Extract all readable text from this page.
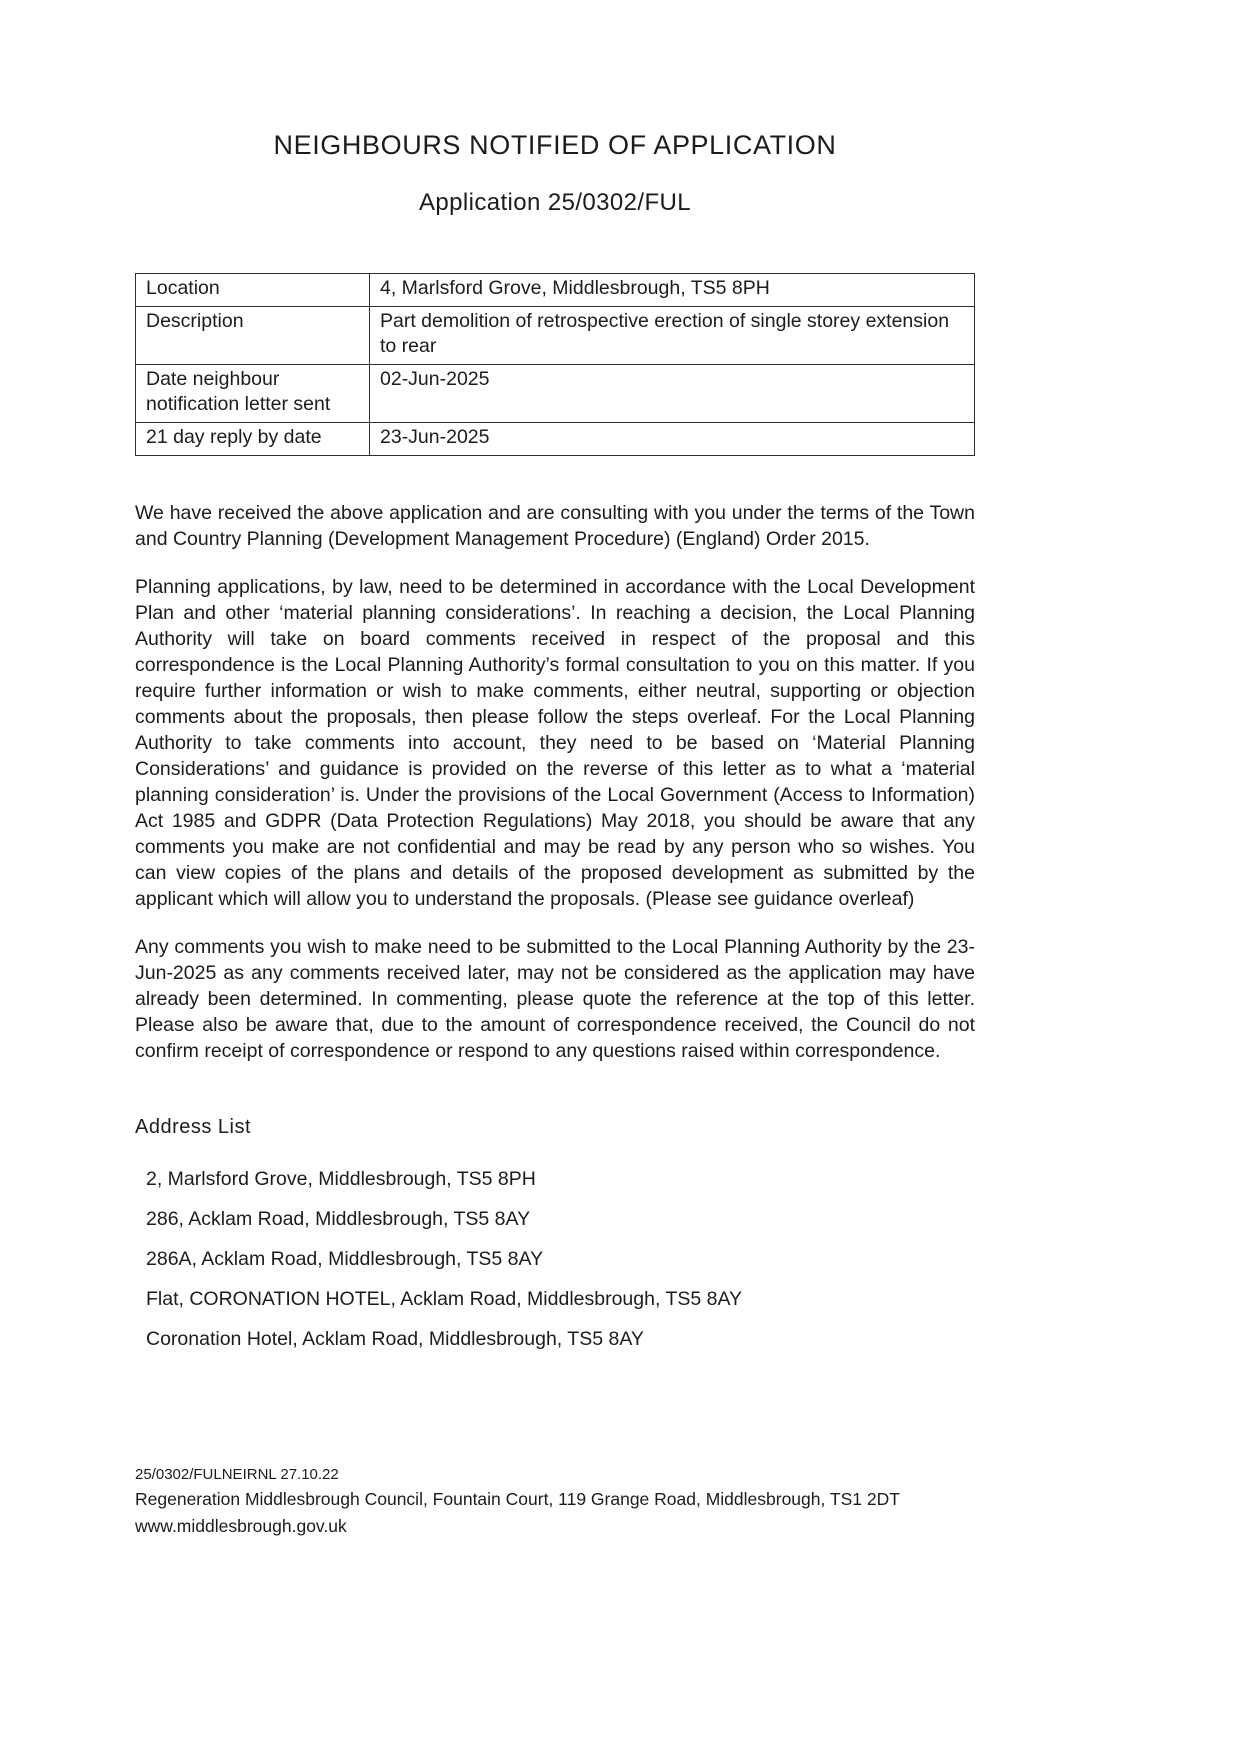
NEIGHBOURS NOTIFIED OF APPLICATION
Application 25/0302/FUL
Location	4, Marlsford Grove, Middlesbrough, TS5 8PH
Description	Part demolition of retrospective erection of single storey extension to rear
Date neighbour notification letter sent	02-Jun-2025
21 day reply by date	23-Jun-2025

We have received the above application and are consulting with you under the terms of the Town and Country Planning (Development Management Procedure) (England) Order 2015.

Planning applications, by law, need to be determined in accordance with the Local Development Plan and other ‘material planning considerations’. In reaching a decision, the Local Planning Authority will take on board comments received in respect of the proposal and this correspondence is the Local Planning Authority’s formal consultation to you on this matter. If you require further information or wish to make comments, either neutral, supporting or objection comments about the proposals, then please follow the steps overleaf. For the Local Planning Authority to take comments into account, they need to be based on ‘Material Planning Considerations’ and guidance is provided on the reverse of this letter as to what a ‘material planning consideration’ is. Under the provisions of the Local Government (Access to Information) Act 1985 and GDPR (Data Protection Regulations) May 2018, you should be aware that any comments you make are not confidential and may be read by any person who so wishes. You can view copies of the plans and details of the proposed development as submitted by the applicant which will allow you to understand the proposals. (Please see guidance overleaf)

Any comments you wish to make need to be submitted to the Local Planning Authority by the 23-Jun-2025 as any comments received later, may not be considered as the application may have already been determined. In commenting, please quote the reference at the top of this letter. Please also be aware that, due to the amount of correspondence received, the Council do not confirm receipt of correspondence or respond to any questions raised within correspondence.

Address List
2, Marlsford Grove, Middlesbrough, TS5 8PH
286, Acklam Road, Middlesbrough, TS5 8AY
286A, Acklam Road, Middlesbrough, TS5 8AY
Flat, CORONATION HOTEL, Acklam Road, Middlesbrough, TS5 8AY
Coronation Hotel, Acklam Road, Middlesbrough, TS5 8AY

25/0302/FULNEIRNL 27.10.22

Regeneration Middlesbrough Council, Fountain Court, 119 Grange Road, Middlesbrough, TS1 2DT

www.middlesbrough.gov.uk
